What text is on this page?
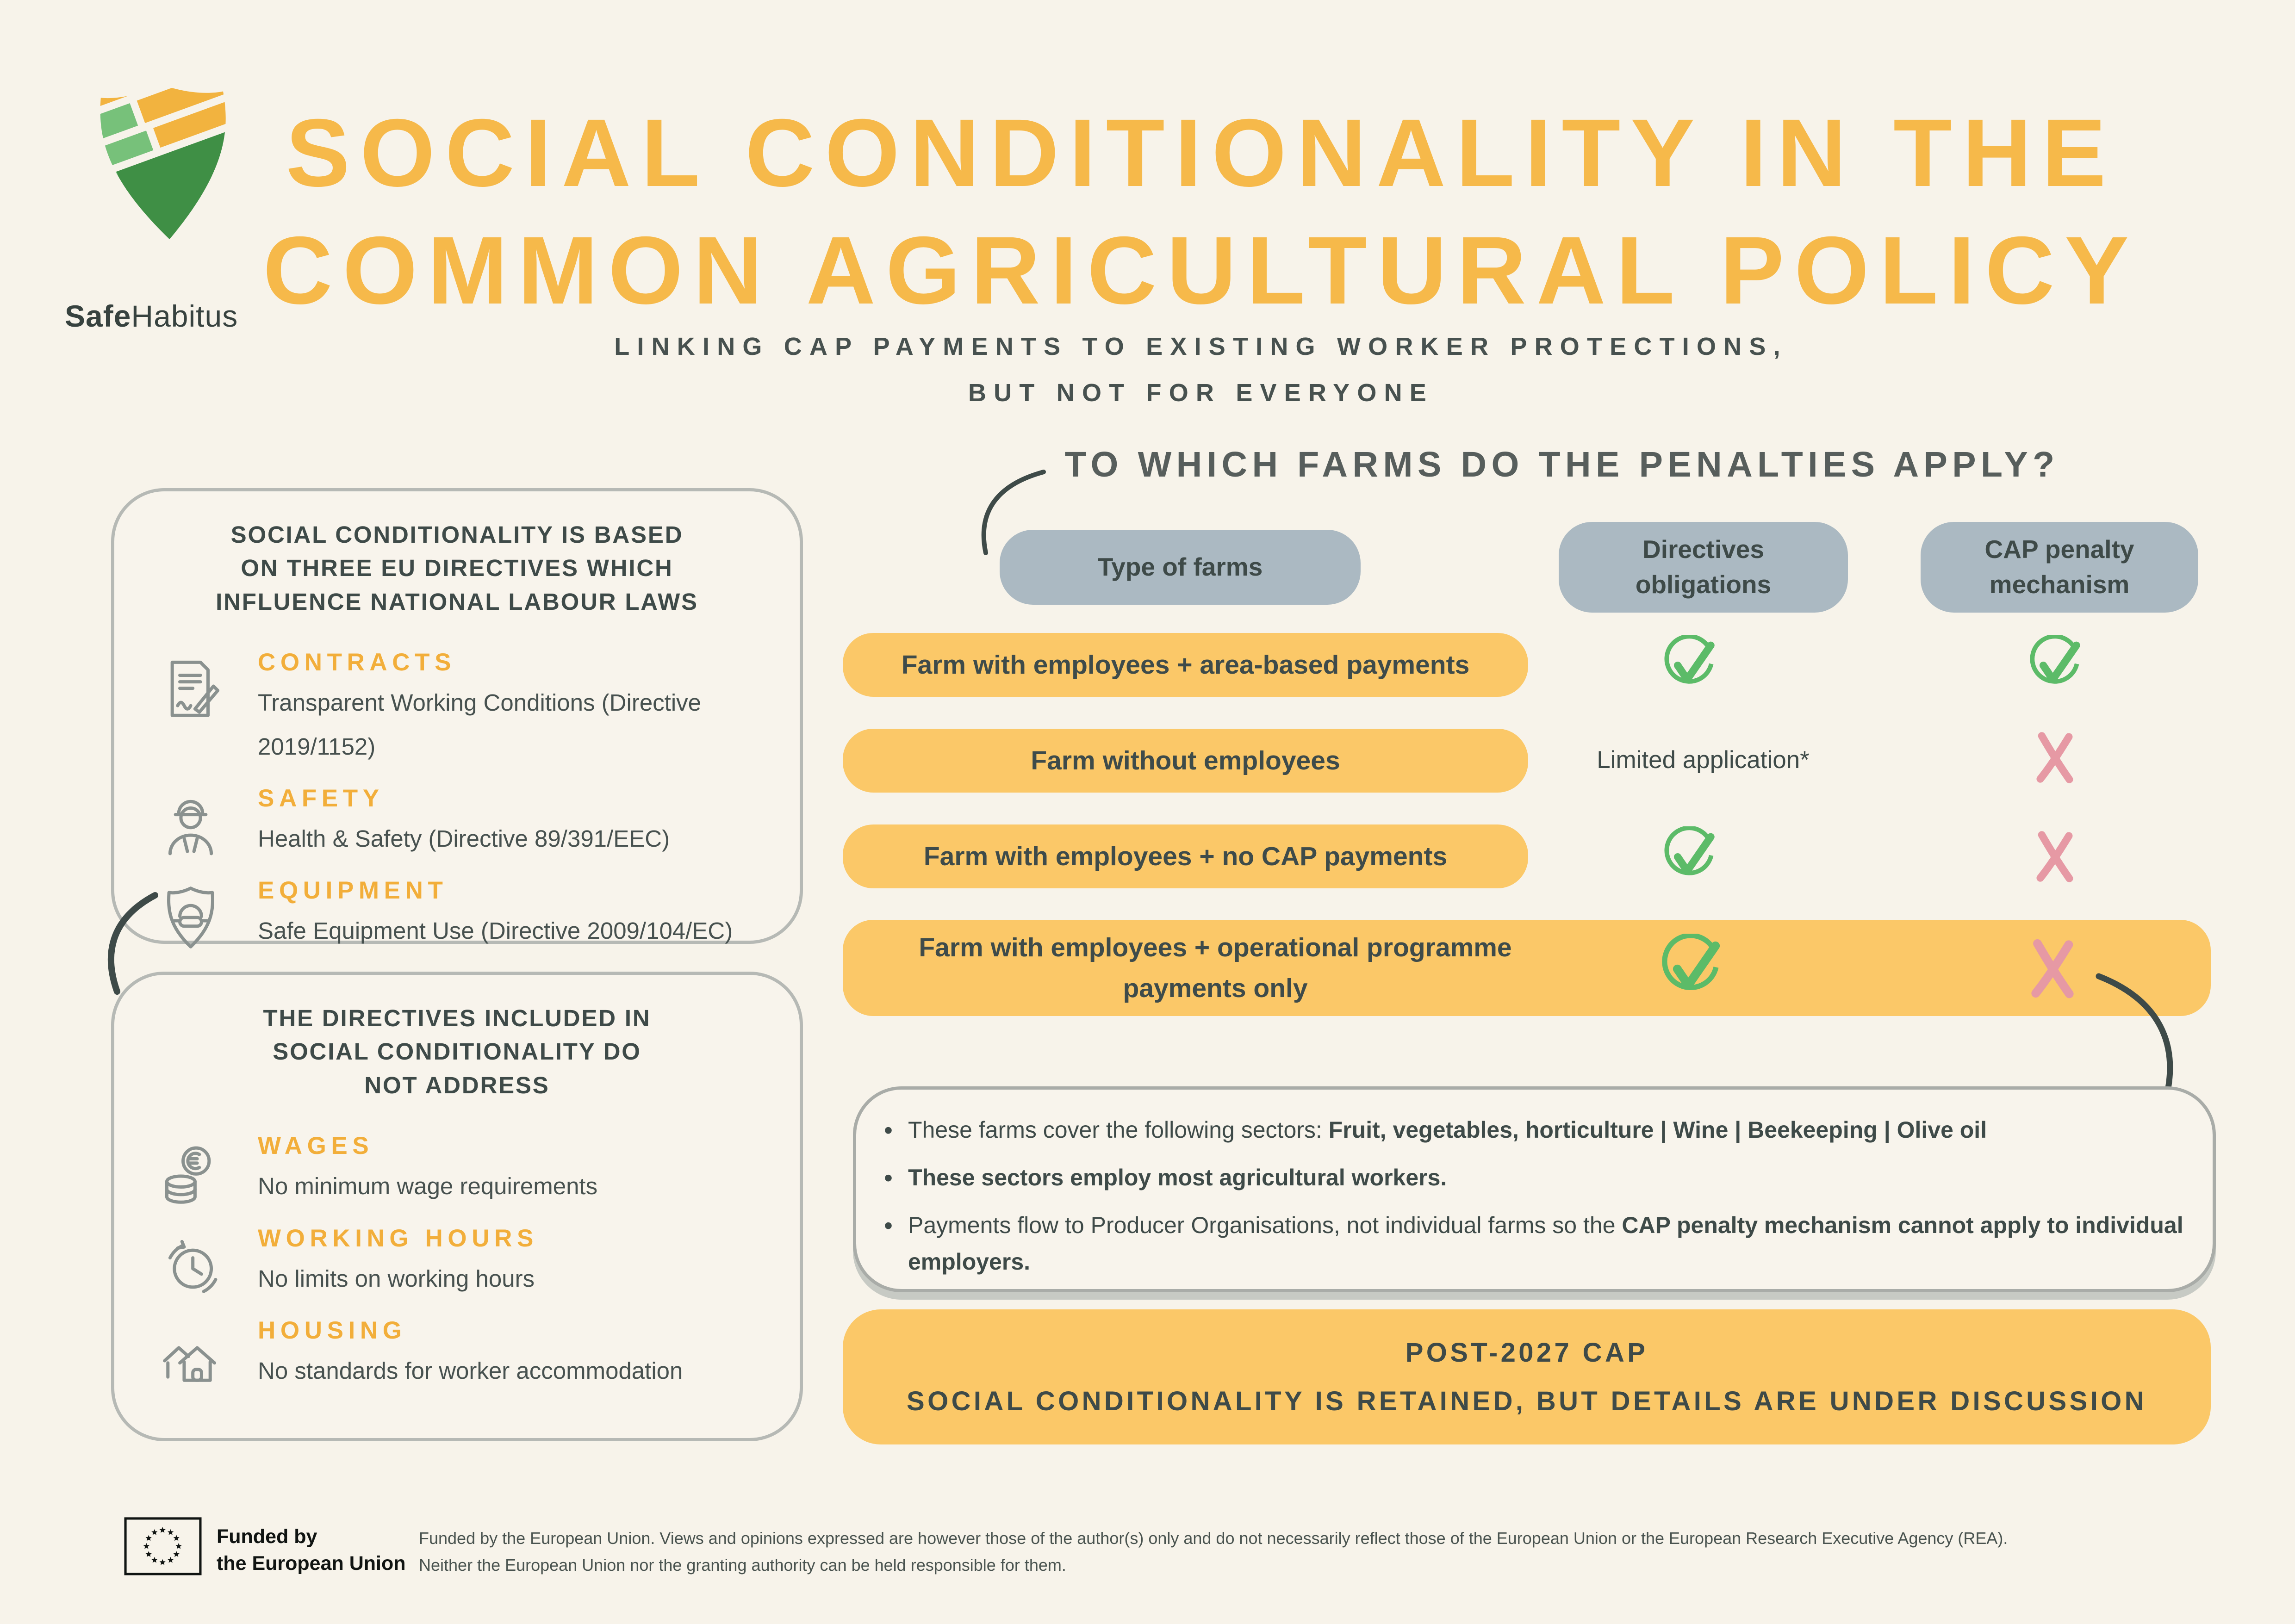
SafeHabitus
SOCIAL CONDITIONALITY IN THE
COMMON AGRICULTURAL POLICY
LINKING CAP PAYMENTS TO EXISTING WORKER PROTECTIONS,
BUT NOT FOR EVERYONE
SOCIAL CONDITIONALITY IS BASED
ON THREE EU DIRECTIVES WHICH
INFLUENCE NATIONAL LABOUR LAWS
CONTRACTS
Transparent Working Conditions (Directive 2019/1152)
SAFETY
Health & Safety (Directive 89/391/EEC)
EQUIPMENT
Safe Equipment Use (Directive 2009/104/EC)
THE DIRECTIVES INCLUDED IN
SOCIAL CONDITIONALITY DO
NOT ADDRESS
WAGES
No minimum wage requirements
WORKING HOURS
No limits on working hours
HOUSING
No standards for worker accommodation
TO WHICH FARMS DO THE PENALTIES APPLY?
Type of farms
Directives obligations
CAP penalty mechanism
Farm with employees + area-based payments
Farm without employees	Limited application*
Farm with employees + no CAP payments
Farm with employees + operational programme payments only
• These farms cover the following sectors: Fruit, vegetables, horticulture | Wine | Beekeeping | Olive oil
• These sectors employ most agricultural workers.
• Payments flow to Producer Organisations, not individual farms so the CAP penalty mechanism cannot apply to individual employers.
POST-2027 CAP
SOCIAL CONDITIONALITY IS RETAINED, BUT DETAILS ARE UNDER DISCUSSION
Funded by
the European Union
Funded by the European Union. Views and opinions expressed are however those of the author(s) only and do not necessarily reflect those of the European Union or the European Research Executive Agency (REA).
Neither the European Union nor the granting authority can be held responsible for them.
